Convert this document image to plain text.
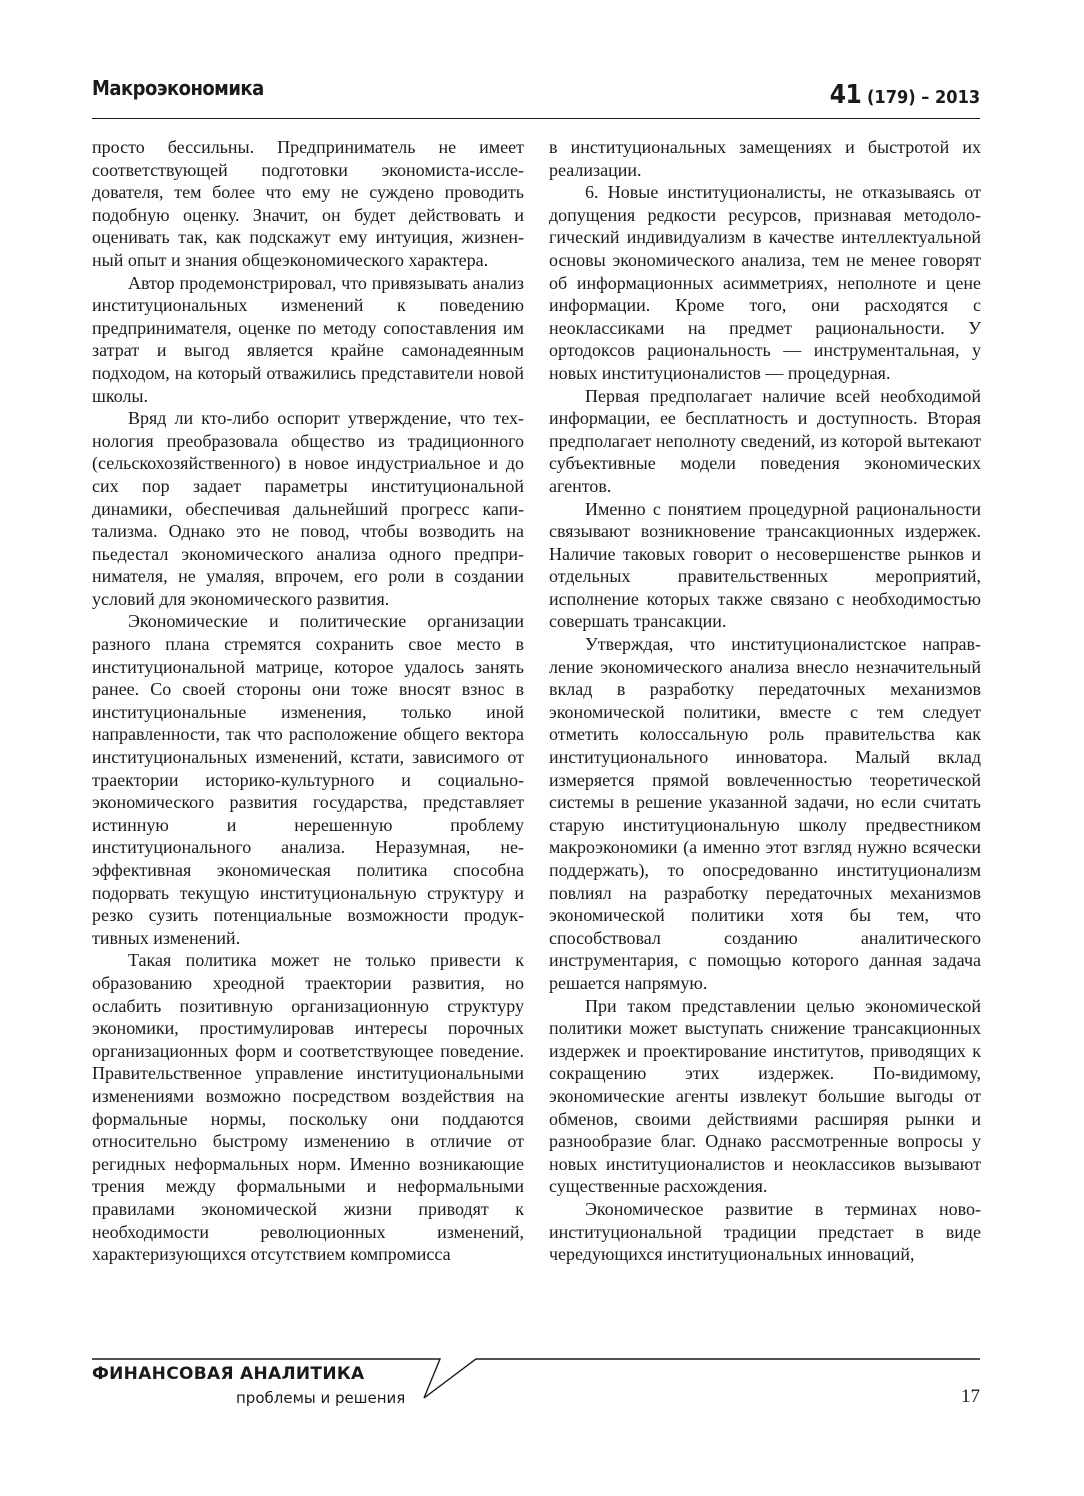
Макроэкономика	41 (179) – 2013

просто бессильны. Предприниматель не имеет соответствующей подготовки экономиста-исследователя, тем более что ему не суждено проводить подобную оценку. Значит, он будет действовать и оценивать так, как подскажут ему интуиция, жизненный опыт и знания общеэкономического характера.

Автор продемонстрировал, что привязывать анализ институциональных изменений к поведению предпринимателя, оценке по методу сопоставления им затрат и выгод является крайне самонадеянным подходом, на который отважились представители новой школы.

Вряд ли кто-либо оспорит утверждение, что технология преобразовала общество из традиционного (сельскохозяйственного) в новое индустриальное и до сих пор задает параметры институциональной динамики, обеспечивая дальнейший прогресс капитализма. Однако это не повод, чтобы возводить на пьедестал экономического анализа одного предпринимателя, не умаляя, впрочем, его роли в создании условий для экономического развития.

Экономические и политические организации разного плана стремятся сохранить свое место в институциональной матрице, которое удалось занять ранее. Со своей стороны они тоже вносят взнос в институциональные изменения, только иной направленности, так что расположение общего вектора институциональных изменений, кстати, зависимого от траектории историко-культурного и социально-экономического развития государства, представляет истинную и нерешенную проблему институционального анализа. Неразумная, неэффективная экономическая политика способна подорвать текущую институциональную структуру и резко сузить потенциальные возможности продуктивных изменений.

Такая политика может не только привести к образованию хреодной траектории развития, но ослабить позитивную организационную структуру экономики, простимулировав интересы порочных организационных форм и соответствующее поведение. Правительственное управление институциональными изменениями возможно посредством воздействия на формальные нормы, поскольку они поддаются относительно быстрому изменению в отличие от регидных неформальных норм. Именно возникающие трения между формальными и неформальными правилами экономической жизни приводят к необходимости революционных изменений, характеризующихся отсутствием компромисса

в институциональных замещениях и быстротой их реализации.

6. Новые институционалисты, не отказываясь от допущения редкости ресурсов, признавая методологический индивидуализм в качестве интеллектуальной основы экономического анализа, тем не менее говорят об информационных асимметриях, неполноте и цене информации. Кроме того, они расходятся с неоклассиками на предмет рациональности. У ортодоксов рациональность — инструментальная, у новых институционалистов — процедурная.

Первая предполагает наличие всей необходимой информации, ее бесплатность и доступность. Вторая предполагает неполноту сведений, из которой вытекают субъективные модели поведения экономических агентов.

Именно с понятием процедурной рациональности связывают возникновение трансакционных издержек. Наличие таковых говорит о несовершенстве рынков и отдельных правительственных мероприятий, исполнение которых также связано с необходимостью совершать трансакции.

Утверждая, что институционалистское направление экономического анализа внесло незначительный вклад в разработку передаточных механизмов экономической политики, вместе с тем следует отметить колоссальную роль правительства как институционального инноватора. Малый вклад измеряется прямой вовлеченностью теоретической системы в решение указанной задачи, но если считать старую институциональную школу предвестником макроэкономики (а именно этот взгляд нужно всячески поддержать), то опосредованно институционализм повлиял на разработку передаточных механизмов экономической политики хотя бы тем, что способствовал созданию аналитического инструментария, с помощью которого данная задача решается напрямую.

При таком представлении целью экономической политики может выступать снижение трансакционных издержек и проектирование институтов, приводящих к сокращению этих издержек. По-видимому, экономические агенты извлекут большие выгоды от обменов, своими действиями расширяя рынки и разнообразие благ. Однако рассмотренные вопросы у новых институционалистов и неоклассиков вызывают существенные расхождения.

Экономическое развитие в терминах новоинституциональной традиции предстает в виде чередующихся институциональных инноваций,

ФИНАНСОВАЯ АНАЛИТИКА
проблемы и решения	17
